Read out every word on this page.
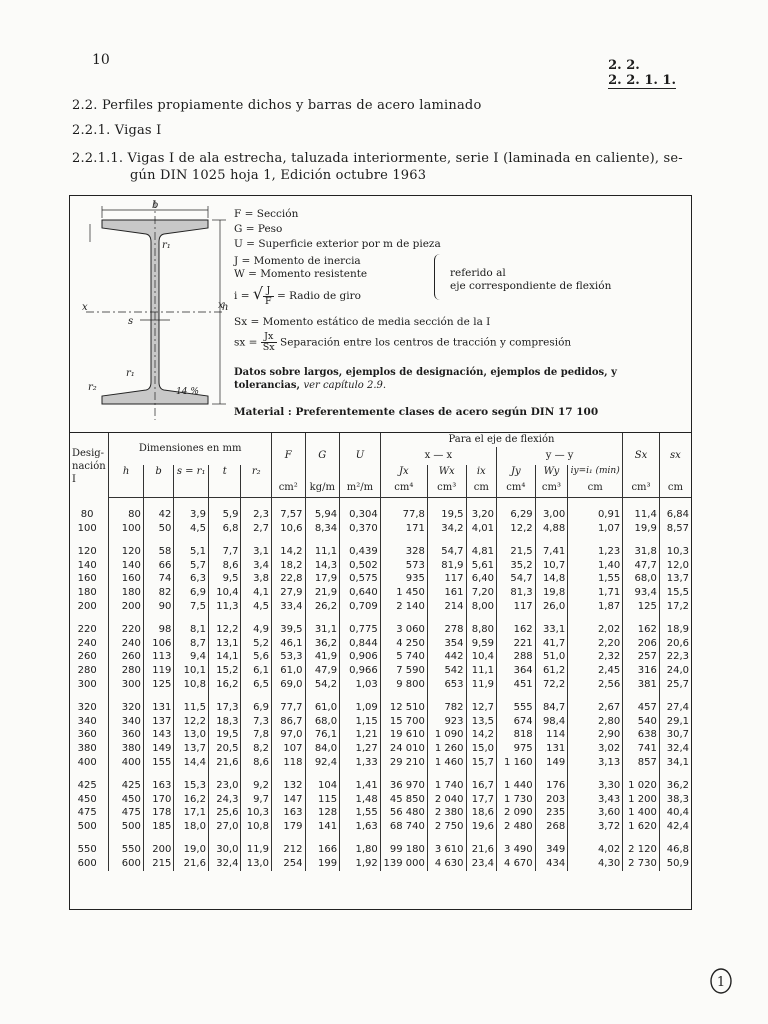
10	2. 2.
2. 2. 1. 1.
2.2. Perfiles propiamente dichos y barras de acero laminado
2.2.1. Vigas I
2.2.1.1. Vigas I de ala estrecha, taluzada interiormente, serie I (laminada en caliente), se-
gún DIN 1025 hoja 1, Edición octubre 1963
b
h
x	x
s
r₁
r₁
r₂	14 %
F = Sección
G = Peso
U = Superficie exterior por m de pieza
J = Momento de inercia
W = Momento resistente	referido al
eje correspondiente de flexión
i = √ $\frac{J}{F}$ = Radio de giro
Sx = Momento estático de media sección de la I
sx = $\frac{Jx}{Sx}$ Separación entre los centros de tracción y compresión
Datos sobre largos, ejemplos de designación, ejemplos de pedidos, y tolerancias, ver capítulo 2.9.
Material : Preferentemente clases de acero según DIN 17 100
Desig-
nación
I	Dimensiones en mm					F	G	U	Para el eje de flexión						Sx	sx
									x — x			y — y				
	h	b	s = r₁	t	r₂				Jx	Wx	ix	Jy	Wy	iy=i₁ (min)		
						cm²	kg/m	m²/m	cm⁴	cm³	cm	cm⁴	cm³	cm	cm³	cm

80	80	42	3,9	5,9	2,3	7,57	5,94	0,304	77,8	19,5	3,20	6,29	3,00	0,91	11,4	6,84
100	100	50	4,5	6,8	2,7	10,6	8,34	0,370	171	34,2	4,01	12,2	4,88	1,07	19,9	8,57

120	120	58	5,1	7,7	3,1	14,2	11,1	0,439	328	54,7	4,81	21,5	7,41	1,23	31,8	10,3
140	140	66	5,7	8,6	3,4	18,2	14,3	0,502	573	81,9	5,61	35,2	10,7	1,40	47,7	12,0
160	160	74	6,3	9,5	3,8	22,8	17,9	0,575	935	117	6,40	54,7	14,8	1,55	68,0	13,7
180	180	82	6,9	10,4	4,1	27,9	21,9	0,640	1 450	161	7,20	81,3	19,8	1,71	93,4	15,5
200	200	90	7,5	11,3	4,5	33,4	26,2	0,709	2 140	214	8,00	117	26,0	1,87	125	17,2

220	220	98	8,1	12,2	4,9	39,5	31,1	0,775	3 060	278	8,80	162	33,1	2,02	162	18,9
240	240	106	8,7	13,1	5,2	46,1	36,2	0,844	4 250	354	9,59	221	41,7	2,20	206	20,6
260	260	113	9,4	14,1	5,6	53,3	41,9	0,906	5 740	442	10,4	288	51,0	2,32	257	22,3
280	280	119	10,1	15,2	6,1	61,0	47,9	0,966	7 590	542	11,1	364	61,2	2,45	316	24,0
300	300	125	10,8	16,2	6,5	69,0	54,2	1,03	9 800	653	11,9	451	72,2	2,56	381	25,7

320	320	131	11,5	17,3	6,9	77,7	61,0	1,09	12 510	782	12,7	555	84,7	2,67	457	27,4
340	340	137	12,2	18,3	7,3	86,7	68,0	1,15	15 700	923	13,5	674	98,4	2,80	540	29,1
360	360	143	13,0	19,5	7,8	97,0	76,1	1,21	19 610	1 090	14,2	818	114	2,90	638	30,7
380	380	149	13,7	20,5	8,2	107	84,0	1,27	24 010	1 260	15,0	975	131	3,02	741	32,4
400	400	155	14,4	21,6	8,6	118	92,4	1,33	29 210	1 460	15,7	1 160	149	3,13	857	34,1

425	425	163	15,3	23,0	9,2	132	104	1,41	36 970	1 740	16,7	1 440	176	3,30	1 020	36,2
450	450	170	16,2	24,3	9,7	147	115	1,48	45 850	2 040	17,7	1 730	203	3,43	1 200	38,3
475	475	178	17,1	25,6	10,3	163	128	1,55	56 480	2 380	18,6	2 090	235	3,60	1 400	40,4
500	500	185	18,0	27,0	10,8	179	141	1,63	68 740	2 750	19,6	2 480	268	3,72	1 620	42,4

550	550	200	19,0	30,0	11,9	212	166	1,80	99 180	3 610	21,6	3 490	349	4,02	2 120	46,8
600	600	215	21,6	32,4	13,0	254	199	1,92	139 000	4 630	23,4	4 670	434	4,30	2 730	50,9
1
